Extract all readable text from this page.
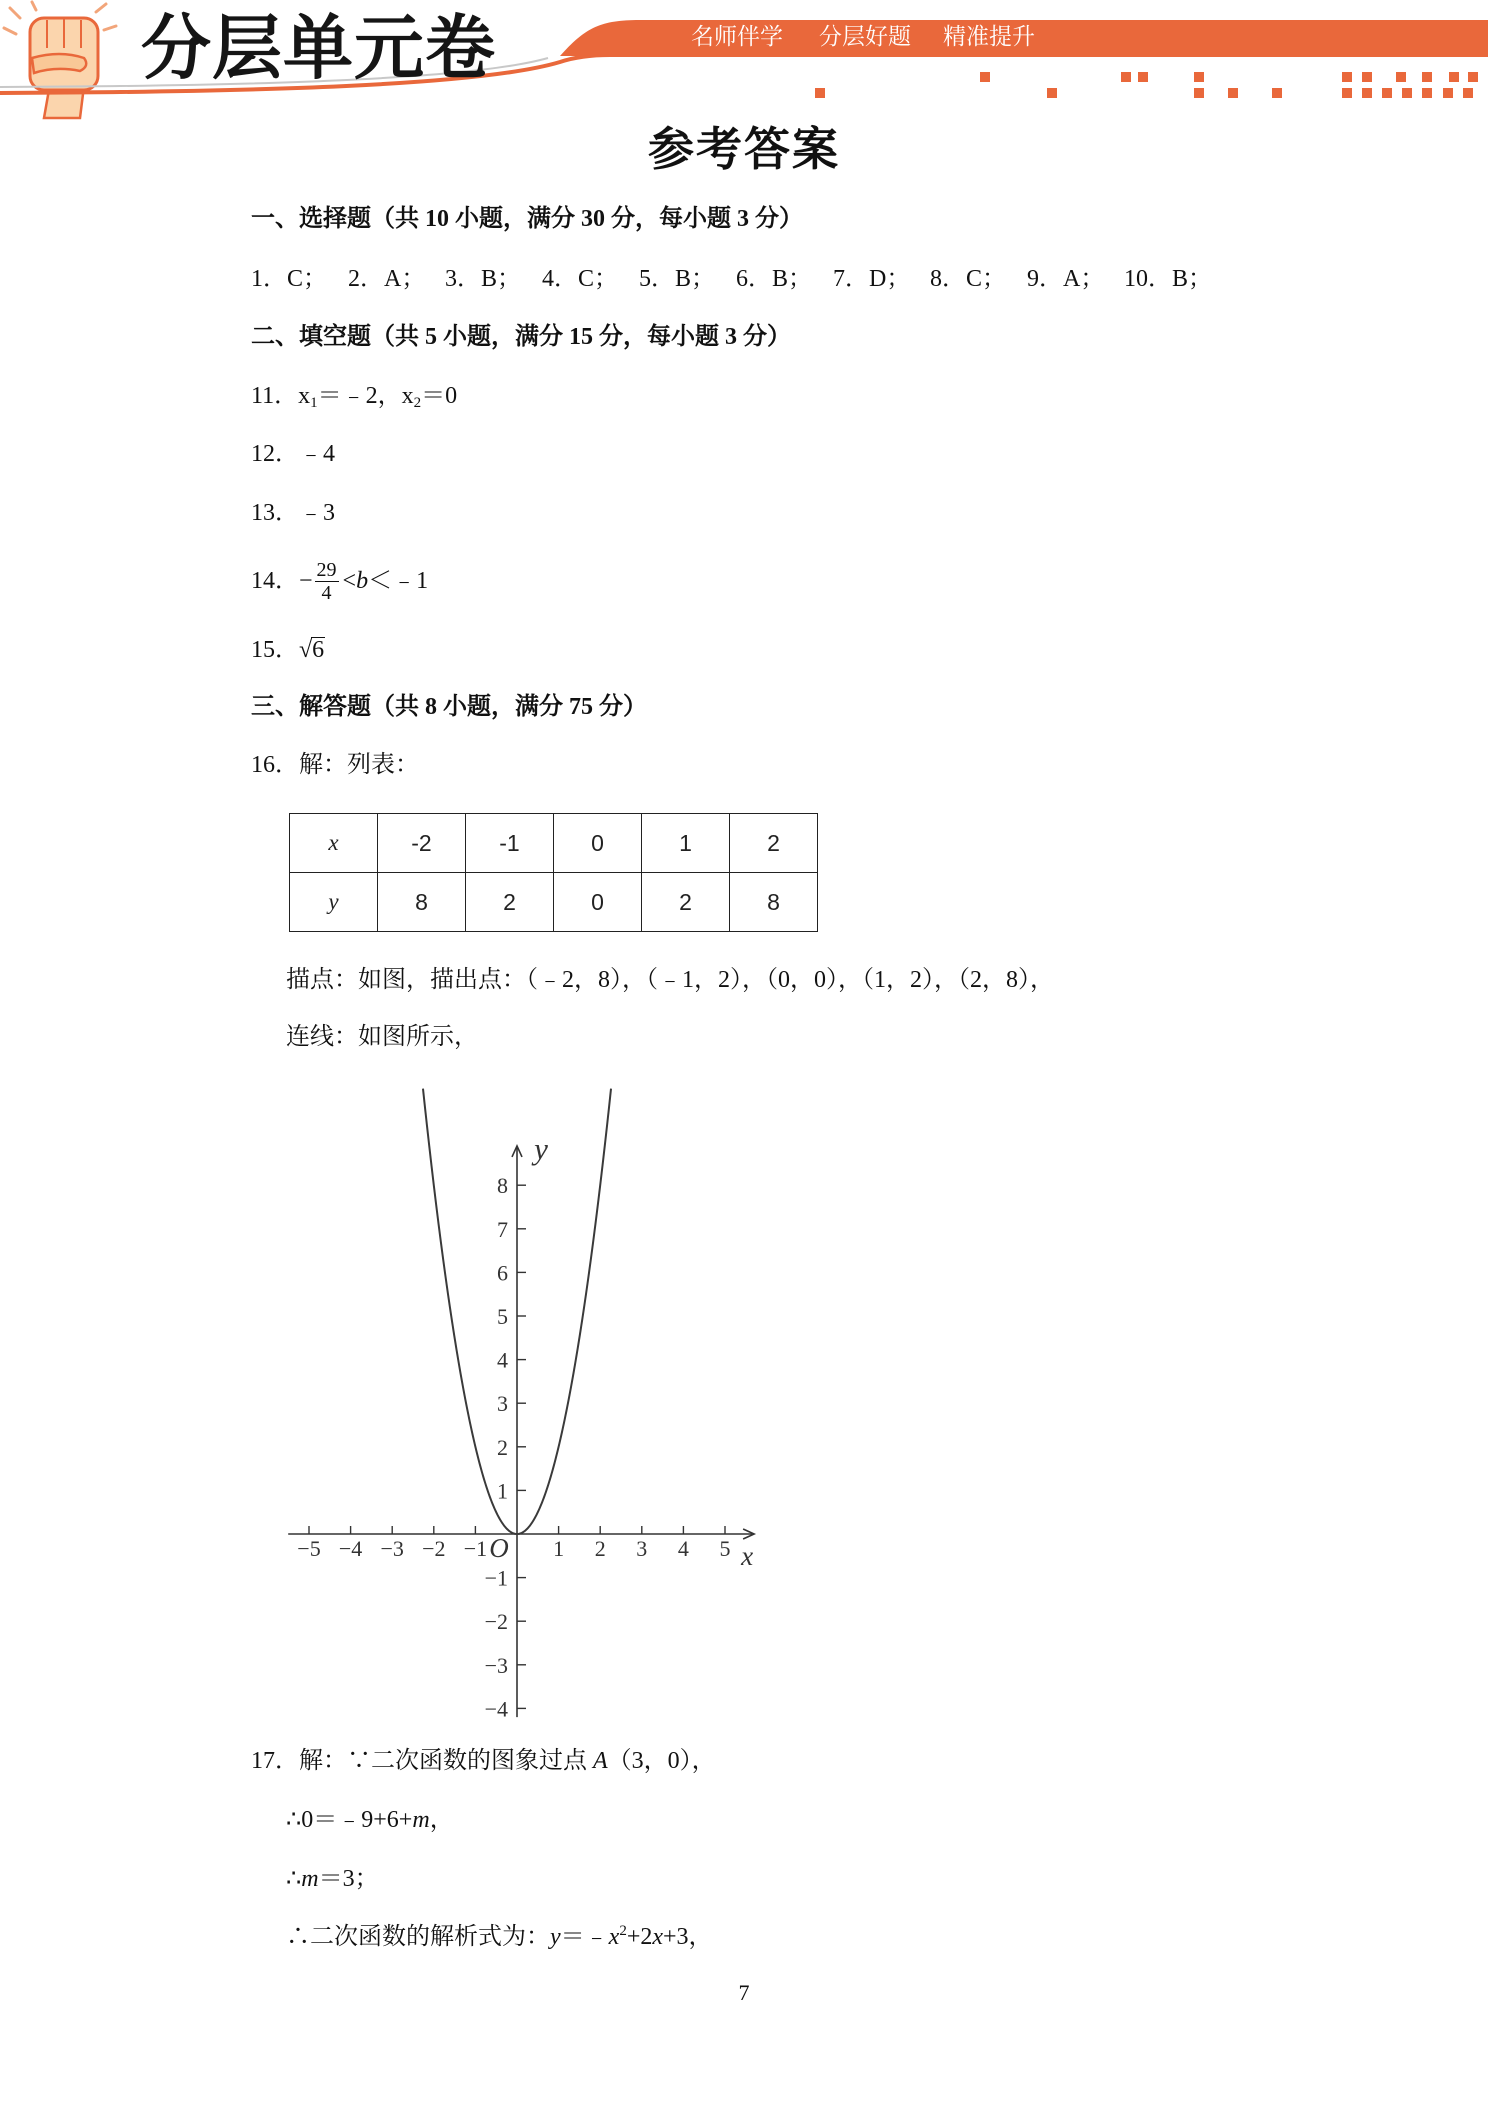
分层单元卷	名师伴学 分层好题 精准提升
参考答案
一、选择题（共 10 小题，满分 30 分，每小题 3 分）
1．C； 2．A； 3．B； 4．C； 5．B； 6．B； 7．D； 8．C； 9．A； 10．B；
二、填空题（共 5 小题，满分 15 分，每小题 3 分）
11．$x_1=﹣2$，$x_2=0$
12．﹣4
13．﹣3
14． − $\frac{29}{4} < b$ ＜﹣1
15．√6
三、解答题（共 8 小题，满分 75 分）
16．解：列表：
x	-2	-1	0	1	2
y	8	2	0	2	8
描点：如图，描出点：（﹣2，8），（﹣1，2），（0，0），（1，2），（2，8），
连线：如图所示，
−5 −4 −3 −2 −1	1 2 3 4 5
8
7
6
5
4
3
2
1
−1
−2
−3
−4
O	x
y
17．解：∵二次函数的图象过点 A（3，0），
∴0＝﹣9+6+m，
∴m＝3；
∴二次函数的解析式为：$y=﹣x^2+2x+3$，
7
